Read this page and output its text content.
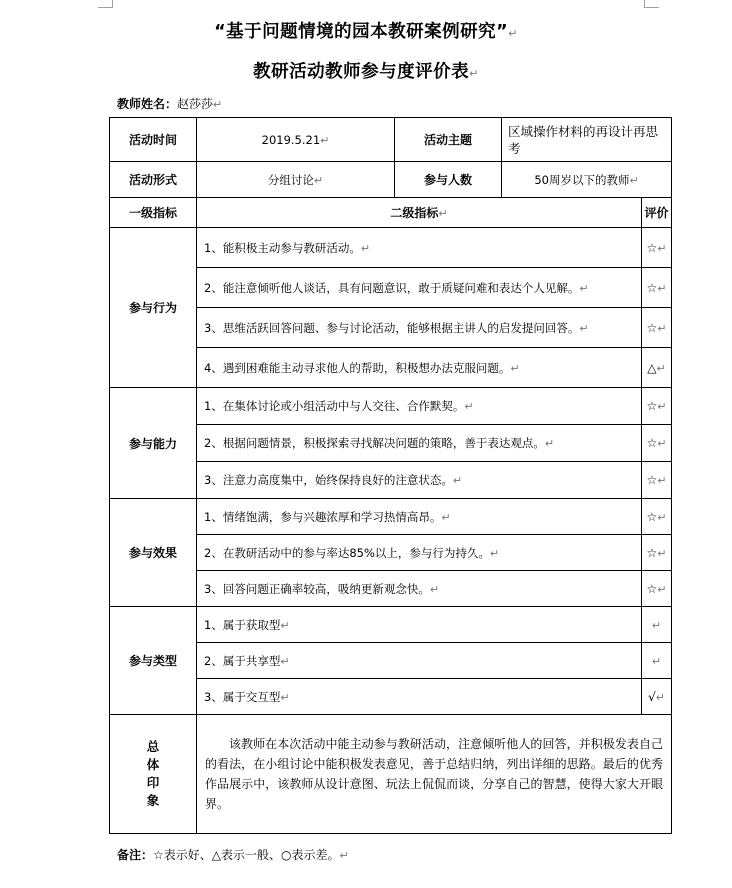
“基于问题情境的园本教研案例研究”↵
教研活动教师参与度评价表↵
教师姓名：赵莎莎↵
活动时间	2019.5.21↵	活动主题	区域操作材料的再设计再思考	
活动形式	分组讨论↵	参与人数	50周岁以下的教师↵	
一级指标	二级指标↵			评价
参与行为	1、能积极主动参与教研活动。↵			☆↵
	2、能注意倾听他人谈话，具有问题意识，敢于质疑问难和表达个人见解。↵			☆↵
	3、思维活跃回答问题、参与讨论活动，能够根据主讲人的启发提问回答。↵			☆↵
	4、遇到困难能主动寻求他人的帮助，积极想办法克服问题。↵			△↵
参与能力	1、在集体讨论或小组活动中与人交往、合作默契。↵			☆↵
	2、根据问题情景，积极探索寻找解决问题的策略，善于表达观点。↵			☆↵
	3、注意力高度集中，始终保持良好的注意状态。↵			☆↵
参与效果	1、情绪饱满，参与兴趣浓厚和学习热情高昂。↵			☆↵
	2、在教研活动中的参与率达85%以上，参与行为持久。↵			☆↵
	3、回答问题正确率较高，吸纳更新观念快。↵			☆↵
参与类型	1、属于获取型↵			↵
	2、属于共享型↵			↵
	3、属于交互型↵			√↵

总
体
印
象	该教师在本次活动中能主动参与教研活动，注意倾听他人的回答，并积极发表自己的看法，在小组讨论中能积极发表意见，善于总结归纳，列出详细的思路。最后的优秀作品展示中，该教师从设计意图、玩法上侃侃而谈，分享自己的智慧，使得大家大开眼界。			
备注：☆表示好、△表示一般、○表示差。↵
